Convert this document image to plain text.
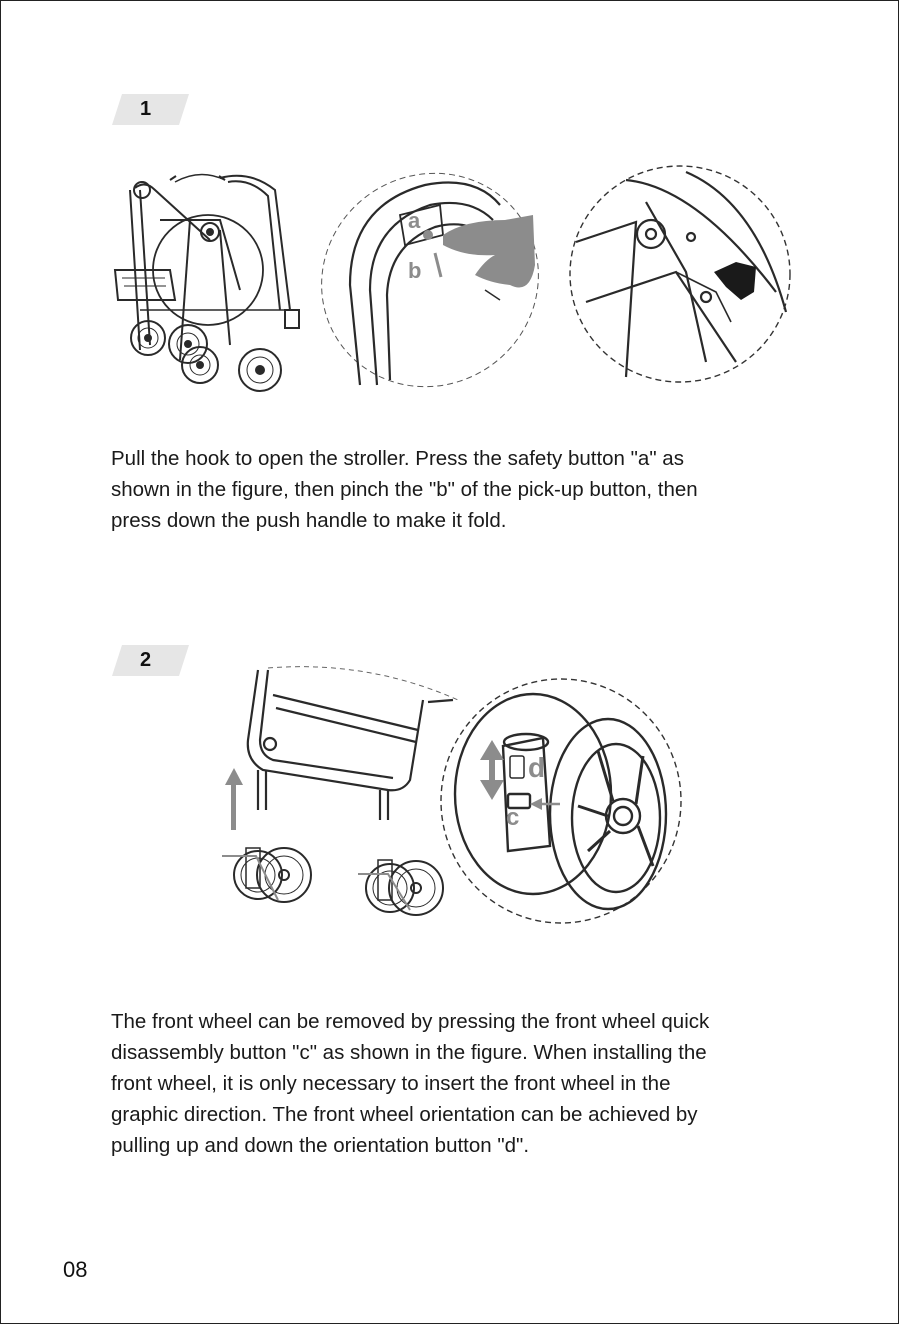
1
a
b

Pull the hook to open the stroller. Press the safety button "a" as

shown in the figure, then pinch the "b" of the pick-up button, then

press down the push handle to make it fold.

2
d
c

The front wheel can be removed by pressing the front wheel quick

disassembly button "c" as shown in the figure. When installing the

front wheel, it is only necessary to insert the front wheel in the

graphic direction. The front wheel orientation can be achieved by

pulling up and down the orientation button "d".

08
